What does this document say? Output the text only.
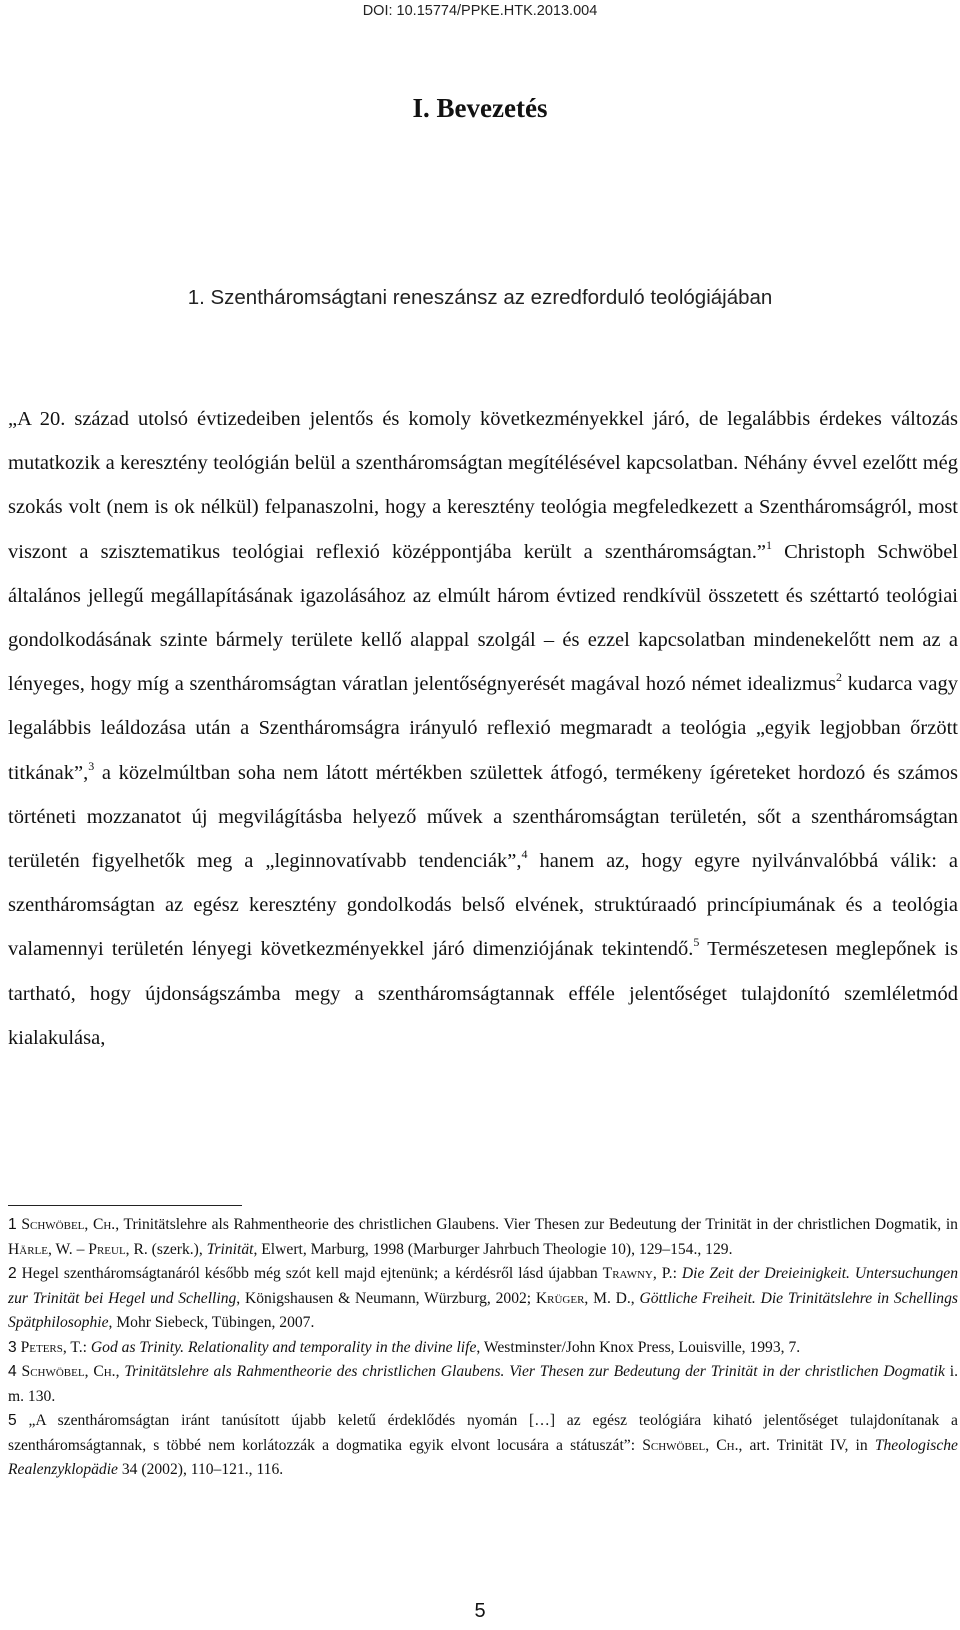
DOI: 10.15774/PPKE.HTK.2013.004
I. Bevezetés
1. Szentháromságtani reneszánsz az ezredforduló teológiájában

„A 20. század utolsó évtizedeiben jelentős és komoly következményekkel járó, de legalábbis érdekes változás mutatkozik a keresztény teológián belül a szentháromságtan megítélésével kapcsolatban. Néhány évvel ezelőtt még szokás volt (nem is ok nélkül) felpanaszolni, hogy a keresztény teológia megfeledkezett a Szentháromságról, most viszont a szisztematikus teológiai reflexió középpontjába került a szentháromságtan.”$^1$ Christoph Schwöbel általános jellegű megállapításának igazolásához az elmúlt három évtized rendkívül összetett és széttartó teológiai gondolkodásának szinte bármely területe kellő alappal szolgál – és ezzel kapcsolatban mindenekelőtt nem az a lényeges, hogy míg a szentháromságtan váratlan jelentőségnyerését magával hozó német idealizmus$^2$ kudarca vagy legalábbis leáldozása után a Szentháromságra irányuló reflexió megmaradt a teológia „egyik legjobban őrzött titkának”,$^3$ a közelmúltban soha nem látott mértékben születtek átfogó, termékeny ígéreteket hordozó és számos történeti mozzanatot új megvilágításba helyező művek a szentháromságtan területén, sőt a szentháromságtan területén figyelhetők meg a „leginnovatívabb tendenciák”,$^4$ hanem az, hogy egyre nyilvánvalóbbá válik: a szentháromságtan az egész keresztény gondolkodás belső elvének, struktúraadó princípiumának és a teológia valamennyi területén lényegi következményekkel járó dimenziójának tekintendő.$^5$ Természetesen meglepőnek is tartható, hogy újdonságszámba megy a szentháromságtannak efféle jelentőséget tulajdonító szemléletmód kialakulása,

1 Schwöbel, Ch., Trinitätslehre als Rahmentheorie des christlichen Glaubens. Vier Thesen zur Bedeutung der Trinität in der christlichen Dogmatik, in Härle, W. – Preul, R. (szerk.), Trinität, Elwert, Marburg, 1998 (Marburger Jahrbuch Theologie 10), 129–154., 129.

2 Hegel szentháromságtanáról később még szót kell majd ejtenünk; a kérdésről lásd újabban Trawny, P.: Die Zeit der Dreieinigkeit. Untersuchungen zur Trinität bei Hegel und Schelling, Königshausen & Neumann, Würzburg, 2002; Krüger, M. D., Göttliche Freiheit. Die Trinitätslehre in Schellings Spätphilosophie, Mohr Siebeck, Tübingen, 2007.

3 Peters, T.: God as Trinity. Relationality and temporality in the divine life, Westminster/John Knox Press, Louisville, 1993, 7.

4 Schwöbel, Ch., Trinitätslehre als Rahmentheorie des christlichen Glaubens. Vier Thesen zur Bedeutung der Trinität in der christlichen Dogmatik i. m. 130.

5 „A szentháromságtan iránt tanúsított újabb keletű érdeklődés nyomán […] az egész teológiára kiható jelentőséget tulajdonítanak a szentháromságtannak, s többé nem korlátozzák a dogmatika egyik elvont locusára a státuszát”: Schwöbel, Ch., art. Trinität IV, in Theologische Realenzyklopädie 34 (2002), 110–121., 116.

5
